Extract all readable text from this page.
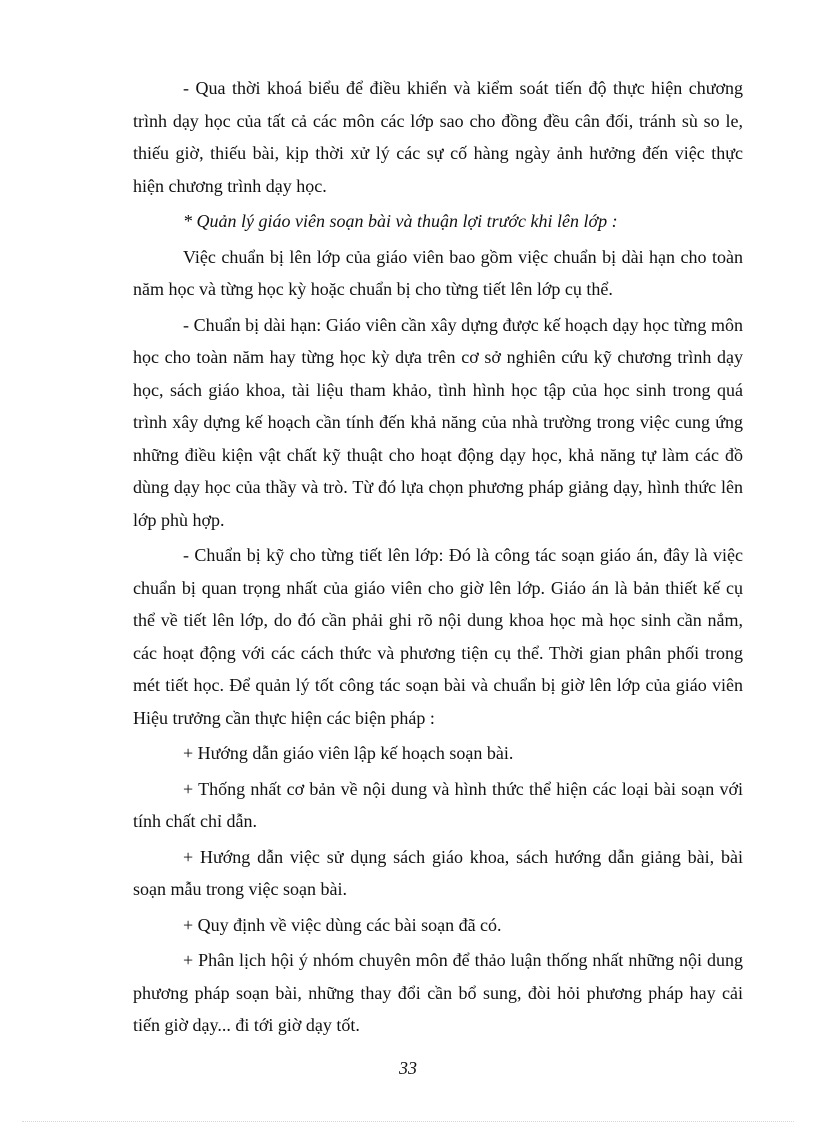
- Qua thời khoá biểu để điều khiển và kiểm soát tiến độ thực hiện chương trình dạy học của tất cả các môn các lớp sao cho đồng đều cân đối, tránh sù so le, thiếu giờ, thiếu bài, kịp thời xử lý các sự cố hàng ngày ảnh hưởng đến việc thực hiện chương trình dạy học.

* Quản lý giáo viên soạn bài và thuận lợi trước khi lên lớp :

Việc chuẩn bị lên lớp của giáo viên bao gồm việc chuẩn bị dài hạn cho toàn năm học và từng học kỳ hoặc chuẩn bị cho từng tiết lên lớp cụ thể.

- Chuẩn bị dài hạn: Giáo viên cần xây dựng được kế hoạch dạy học từng môn học cho toàn năm hay từng học kỳ dựa trên cơ sở nghiên cứu kỹ chương trình dạy học, sách giáo khoa, tài liệu tham khảo, tình hình học tập của học sinh trong quá trình xây dựng kế hoạch cần tính đến khả năng của nhà trường trong việc cung ứng những điều kiện vật chất kỹ thuật cho hoạt động dạy học, khả năng tự làm các đồ dùng dạy học của thầy và trò. Từ đó lựa chọn phương pháp giảng dạy, hình thức lên lớp phù hợp.

- Chuẩn bị kỹ cho từng tiết lên lớp: Đó là công tác soạn giáo án, đây là việc chuẩn bị quan trọng nhất của giáo viên cho giờ lên lớp. Giáo án là bản thiết kế cụ thể về tiết lên lớp, do đó cần phải ghi rõ nội dung khoa học mà học sinh cần nắm, các hoạt động với các cách thức và phương tiện cụ thể. Thời gian phân phối trong mét tiết học. Để quản lý tốt công tác soạn bài và chuẩn bị giờ lên lớp của giáo viên Hiệu trưởng cần thực hiện các biện pháp :

+ Hướng dẫn giáo viên lập kế hoạch soạn bài.

+ Thống nhất cơ bản về nội dung và hình thức thể hiện các loại bài soạn với tính chất chỉ dẫn.

+ Hướng dẫn việc sử dụng sách giáo khoa, sách hướng dẫn giảng bài, bài soạn mẫu trong việc soạn bài.

+ Quy định về việc dùng các bài soạn đã có.

+ Phân lịch hội ý nhóm chuyên môn để thảo luận thống nhất những nội dung phương pháp soạn bài, những thay đổi cần bổ sung, đòi hỏi phương pháp hay cải tiến giờ dạy... đi tới giờ dạy tốt.

33
